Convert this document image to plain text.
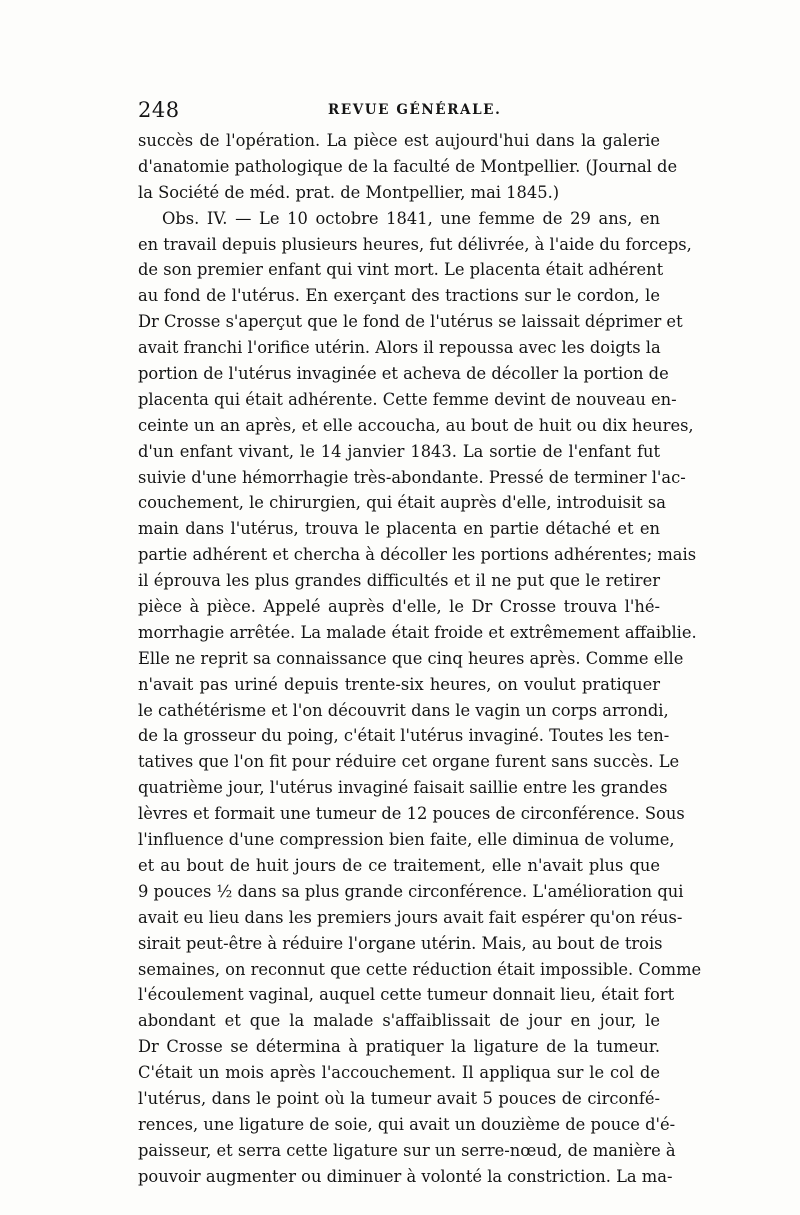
248	REVUE GÉNÉRALE.
succès de l'opération. La pièce est aujourd'hui dans la galerie
d'anatomie pathologique de la faculté de Montpellier. (Journal de
la Société de méd. prat. de Montpellier, mai 1845.)
Obs. IV. — Le 10 octobre 1841, une femme de 29 ans, en
en travail depuis plusieurs heures, fut délivrée, à l'aide du forceps,
de son premier enfant qui vint mort. Le placenta était adhérent
au fond de l'utérus. En exerçant des tractions sur le cordon, le
Dr Crosse s'aperçut que le fond de l'utérus se laissait déprimer et
avait franchi l'orifice utérin. Alors il repoussa avec les doigts la
portion de l'utérus invaginée et acheva de décoller la portion de
placenta qui était adhérente. Cette femme devint de nouveau en-
ceinte un an après, et elle accoucha, au bout de huit ou dix heures,
d'un enfant vivant, le 14 janvier 1843. La sortie de l'enfant fut
suivie d'une hémorrhagie très-abondante. Pressé de terminer l'ac-
couchement, le chirurgien, qui était auprès d'elle, introduisit sa
main dans l'utérus, trouva le placenta en partie détaché et en
partie adhérent et chercha à décoller les portions adhérentes; mais
il éprouva les plus grandes difficultés et il ne put que le retirer
pièce à pièce. Appelé auprès d'elle, le Dr Crosse trouva l'hé-
morrhagie arrêtée. La malade était froide et extrêmement affaiblie.
Elle ne reprit sa connaissance que cinq heures après. Comme elle
n'avait pas uriné depuis trente-six heures, on voulut pratiquer
le cathétérisme et l'on découvrit dans le vagin un corps arrondi,
de la grosseur du poing, c'était l'utérus invaginé. Toutes les ten-
tatives que l'on fit pour réduire cet organe furent sans succès. Le
quatrième jour, l'utérus invaginé faisait saillie entre les grandes
lèvres et formait une tumeur de 12 pouces de circonférence. Sous
l'influence d'une compression bien faite, elle diminua de volume,
et au bout de huit jours de ce traitement, elle n'avait plus que
9 pouces ½ dans sa plus grande circonférence. L'amélioration qui
avait eu lieu dans les premiers jours avait fait espérer qu'on réus-
sirait peut-être à réduire l'organe utérin. Mais, au bout de trois
semaines, on reconnut que cette réduction était impossible. Comme
l'écoulement vaginal, auquel cette tumeur donnait lieu, était fort
abondant et que la malade s'affaiblissait de jour en jour, le
Dr Crosse se détermina à pratiquer la ligature de la tumeur.
C'était un mois après l'accouchement. Il appliqua sur le col de
l'utérus, dans le point où la tumeur avait 5 pouces de circonfé-
rences, une ligature de soie, qui avait un douzième de pouce d'é-
paisseur, et serra cette ligature sur un serre-nœud, de manière à
pouvoir augmenter ou diminuer à volonté la constriction. La ma-
